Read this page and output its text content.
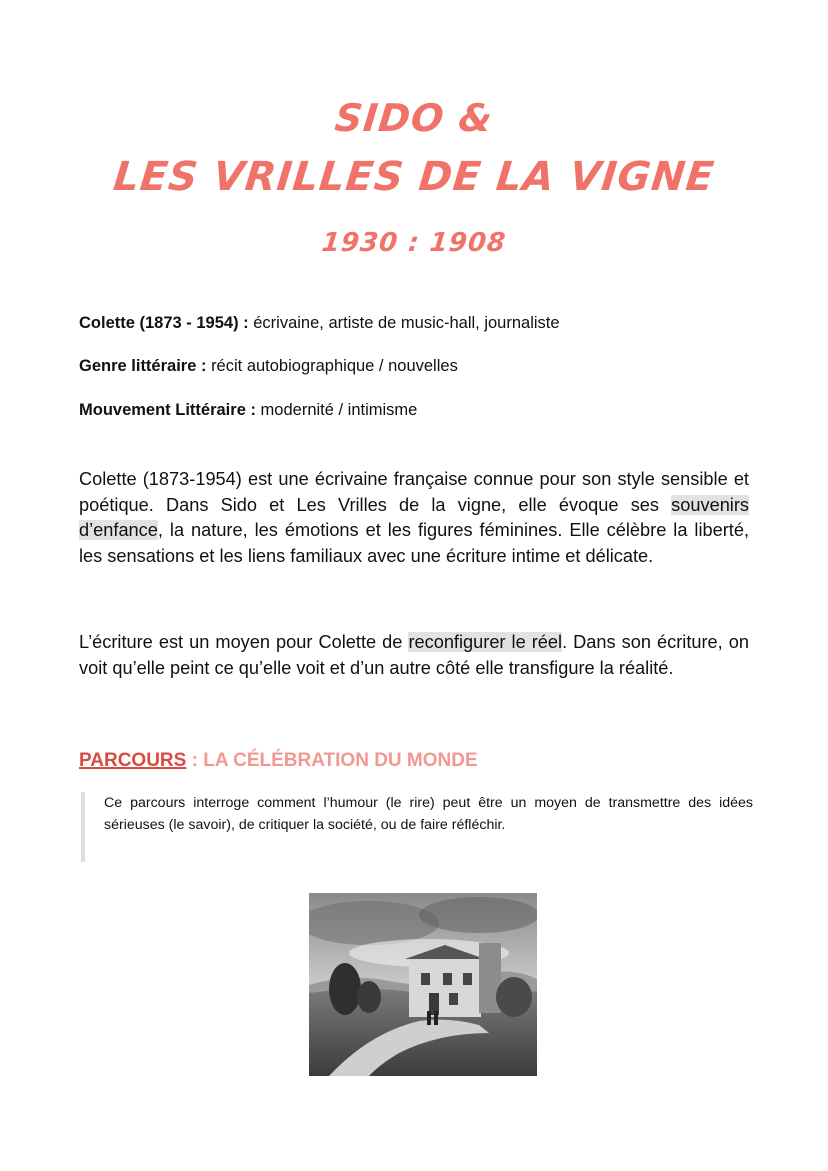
SIDO &
LES VRILLES DE LA VIGNE
1930 : 1908
Colette (1873 - 1954) : écrivaine, artiste de music-hall, journaliste
Genre littéraire : récit autobiographique / nouvelles
Mouvement Littéraire : modernité / intimisme
Colette (1873-1954) est une écrivaine française connue pour son style sensible et poétique. Dans Sido et Les Vrilles de la vigne, elle évoque ses souvenirs d’enfance, la nature, les émotions et les figures féminines. Elle célèbre la liberté, les sensations et les liens familiaux avec une écriture intime et délicate.
L’écriture est un moyen pour Colette de reconfigurer le réel. Dans son écriture, on voit qu’elle peint ce qu’elle voit et d’un autre côté elle transfigure la réalité.
PARCOURS : LA CÉLÉBRATION DU MONDE

Ce parcours interroge comment l’humour (le rire) peut être un moyen de transmettre des idées sérieuses (le savoir), de critiquer la société, ou de faire réfléchir.
